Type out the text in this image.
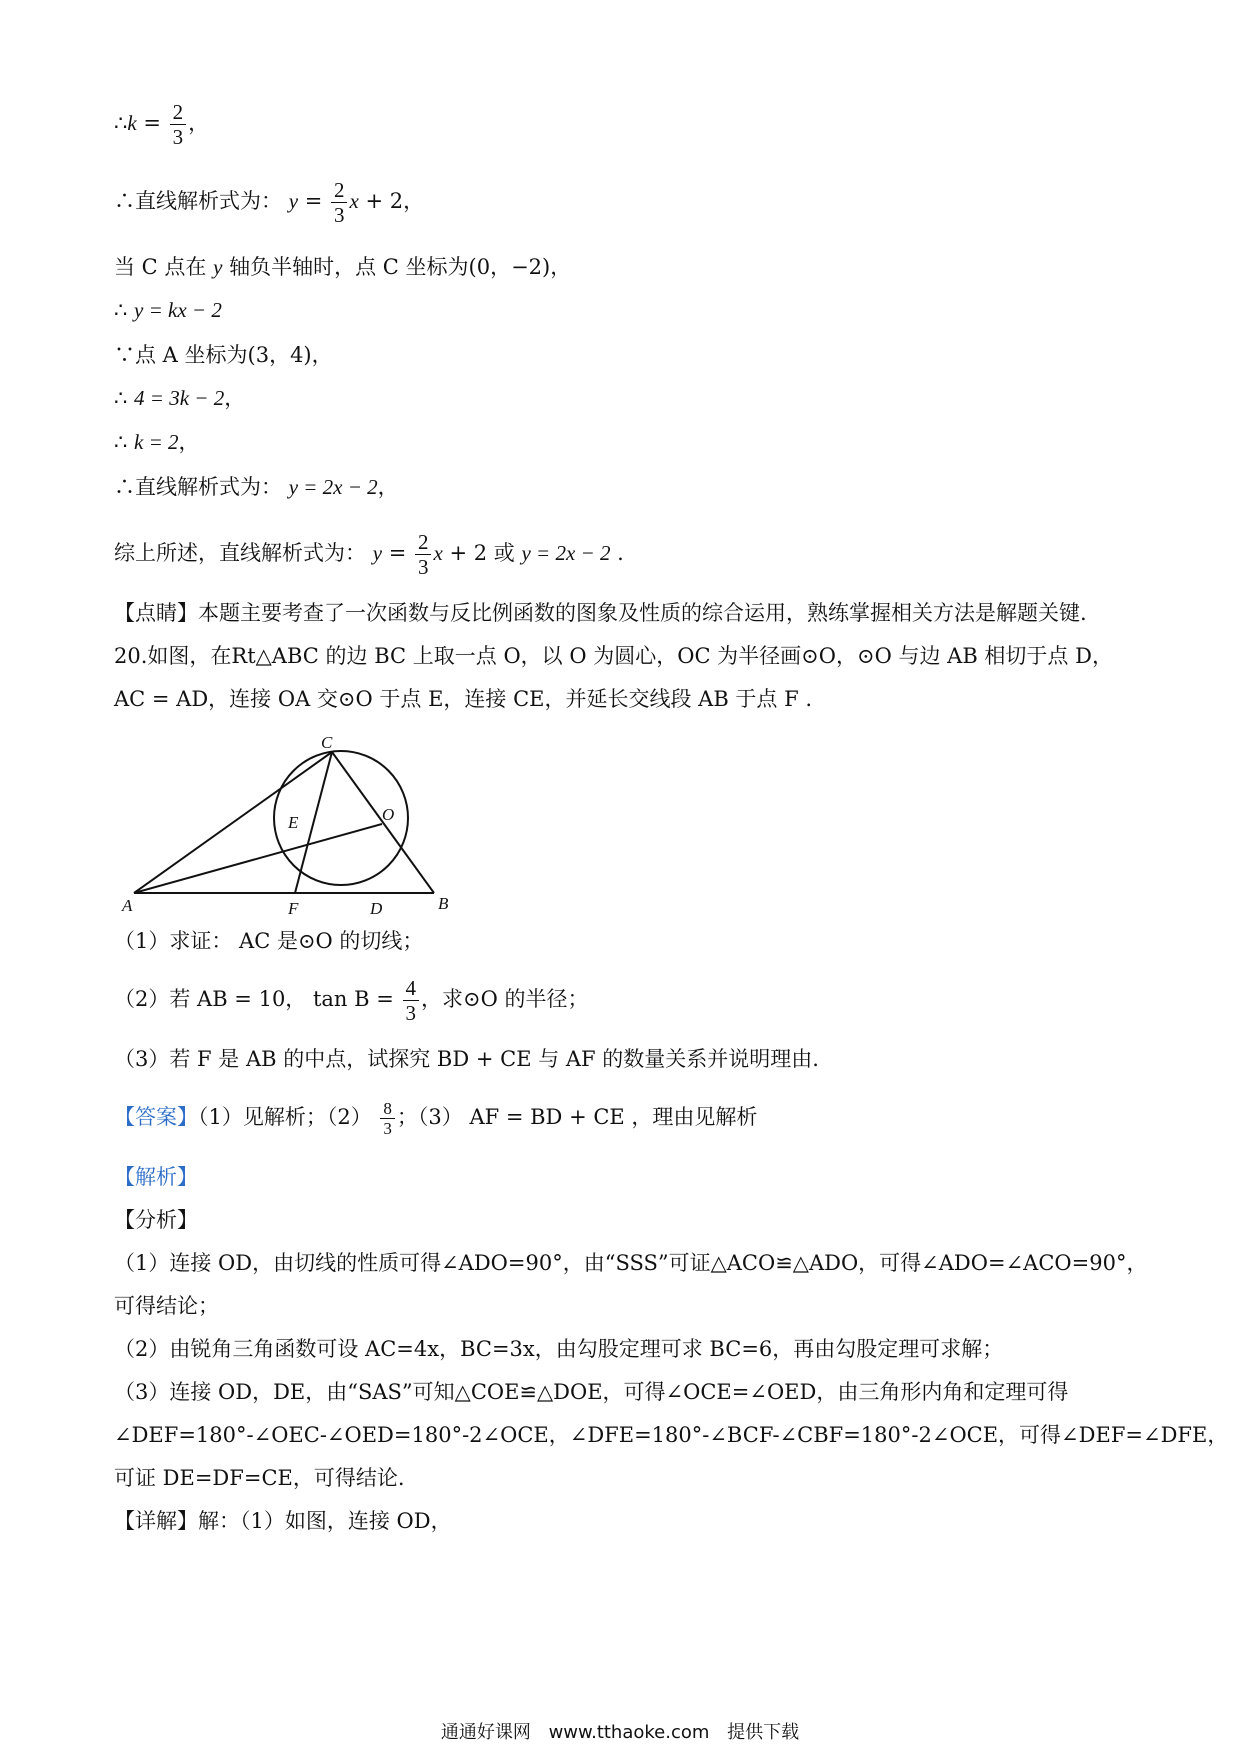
∴k = $\frac{2}{3}$ ，
∴直线解析式为： $y = \frac{2}{3}$ x + 2，
当 C 点在 y 轴负半轴时，点 C 坐标为(0，−2)，
∴ y = kx − 2
∵点 A 坐标为(3，4)，
∴ 4 = 3k − 2，
∴ k = 2，
∴直线解析式为： y = 2x − 2，
综上所述，直线解析式为： $y = \frac{2}{3}$ x + 2 或 y = 2x − 2 .
【点睛】本题主要考查了一次函数与反比例函数的图象及性质的综合运用，熟练掌握相关方法是解题关键.
20.如图，在Rt△ABC 的边 BC 上取一点 O，以 O 为圆心，OC 为半径画⊙O，⊙O 与边 AB 相切于点 D，
AC = AD，连接 OA 交⊙O 于点 E，连接 CE，并延长交线段 AB 于点 F .
A	B
C
O
E
F	D
（1）求证： AC 是⊙O 的切线；
（2）若 AB = 10， $\tan B = \frac{4}{3}$ ，求⊙O 的半径；
（3）若 F 是 AB 的中点，试探究 BD + CE 与 AF 的数量关系并说明理由.
【答案】（1）见解析；$(2) \frac{8}{3}$ ；（3） AF = BD + CE ，理由见解析
【解析】
【分析】
（1）连接 OD，由切线的性质可得∠ADO=90°，由“SSS”可证△ACO≌△ADO，可得∠ADO=∠ACO=90°，
可得结论；
（2）由锐角三角函数可设 AC=4x，BC=3x，由勾股定理可求 BC=6，再由勾股定理可求解；
（3）连接 OD，DE，由“SAS”可知△COE≌△DOE，可得∠OCE=∠OED，由三角形内角和定理可得
∠DEF=180°-∠OEC-∠OED=180°-2∠OCE，∠DFE=180°-∠BCF-∠CBF=180°-2∠OCE，可得∠DEF=∠DFE，
可证 DE=DF=CE，可得结论.
【详解】解：（1）如图，连接 OD，
通通好课网 www.tthaoke.com 提供下载
